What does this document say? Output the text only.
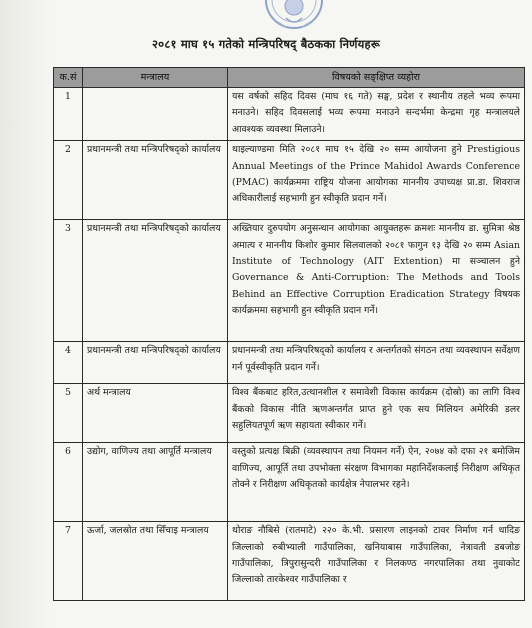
२०८१ माघ १५ गतेको मन्त्रिपरिषद् बैठकका निर्णयहरू
क.सं	मन्त्रालय	विषयको सङ्क्षिप्त व्यहोरा
1		यस वर्षको सहिद दिवस (माघ १६ गते) सङ्घ, प्रदेश र स्थानीय तहले भव्य रूपमा मनाउने। सहिद दिवसलाई भव्य रूपमा मनाउने सन्दर्भमा केन्द्रमा गृह मन्त्रालयले आवश्यक व्यवस्था मिलाउने।
2	प्रधानमन्त्री तथा मन्त्रिपरिषद्को कार्यालय	थाइल्याण्डमा मिति २०८१ माघ १५ देखि २० सम्म आयोजना हुने Prestigious Annual Meetings of the Prince Mahidol Awards Conference (PMAC) कार्यक्रममा राष्ट्रिय योजना आयोगका माननीय उपाध्यक्ष प्रा.डा. शिवराज अधिकारीलाई सहभागी हुन स्वीकृति प्रदान गर्ने।
3	प्रधानमन्त्री तथा मन्त्रिपरिषद्को कार्यालय	अख्तियार दुरुपयोग अनुसन्धान आयोगका आयुक्तहरू क्रमशः माननीय डा. सुमित्रा श्रेष्ठ अमात्य र माननीय किशोर कुमार सिलवालको २०८१ फागुन १३ देखि २० सम्म Asian Institute of Technology (AIT Extention) मा सञ्चालन हुने Governance & Anti-Corruption: The Methods and Tools Behind an Effective Corruption Eradication Strategy विषयक कार्यक्रममा सहभागी हुन स्वीकृति प्रदान गर्ने।
4	प्रधानमन्त्री तथा मन्त्रिपरिषद्को कार्यालय	प्रधानमन्त्री तथा मन्त्रिपरिषद्को कार्यालय र अन्तर्गतको संगठन तथा व्यवस्थापन सर्वेक्षण गर्न पूर्वस्वीकृति प्रदान गर्ने।
5	अर्थ मन्त्रालय	विश्व बैंकबाट हरित,उत्थानशील र समावेशी विकास कार्यक्रम (दोस्रो) का लागि विश्व बैंकको विकास नीति ऋणअन्तर्गत प्राप्त हुने एक सय मिलियन अमेरिकी डलर सहुलियतपूर्ण ऋण सहायता स्वीकार गर्ने।
6	उद्योग, वाणिज्य तथा आपूर्ति मन्त्रालय	वस्तुको प्रत्यक्ष बिक्री (व्यवस्थापन तथा नियमन गर्ने) ऐन, २०७४ को दफा २१ बमोजिम वाणिज्य, आपूर्ति तथा उपभोक्ता संरक्षण विभागका महानिर्देशकलाई निरीक्षण अधिकृत तोक्ने र निरीक्षण अधिकृतको कार्यक्षेत्र नेपालभर रहने।
7	ऊर्जा, जलस्रोत तथा सिँचाइ मन्त्रालय	थोराङ नौबिसे (रातमाटे) २२० के.भी. प्रसारण लाइनको टावर निर्माण गर्न धादिङ जिल्लाको रुबीभ्याली गाउँपालिका, खनियाबास गाउँपालिका, नेत्रावती डबजोङ गाउँपालिका, त्रिपुरासुन्दरी गाउँपालिका र निलकण्ठ नगरपालिका तथा नुवाकोट जिल्लाको तारकेश्वर गाउँपालिका र
